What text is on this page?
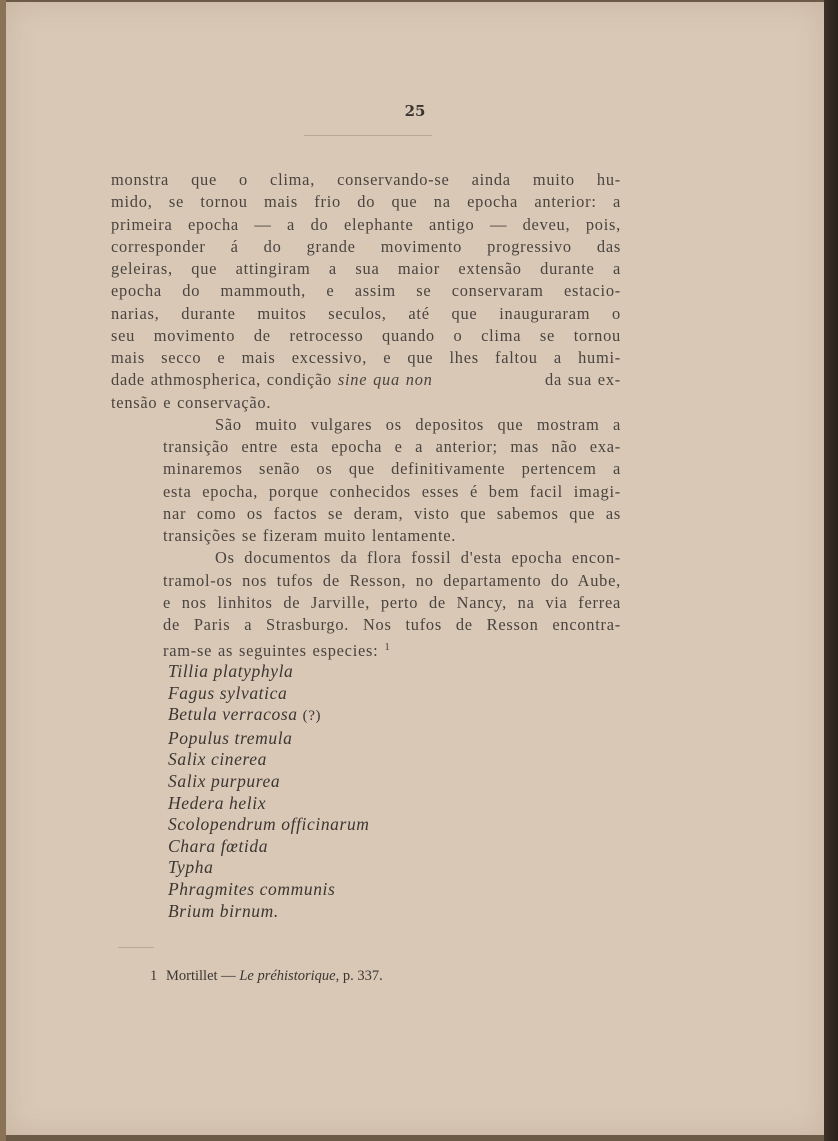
25

monstra que o clima, conservando-se ainda muito hu-
mido, se tornou mais frio do que na epocha anterior: a
primeira epocha — a do elephante antigo — deveu, pois,
corresponder á do grande movimento progressivo das
geleiras, que attingiram a sua maior extensão durante a
epocha do mammouth, e assim se conservaram estacio-
narias, durante muitos seculos, até que inauguraram o
seu movimento de retrocesso quando o clima se tornou
mais secco e mais excessivo, e que lhes faltou a humi-
dade athmospherica, condição sine qua non	da sua ex-
tensão e conservação.

São muito vulgares os depositos que mostram a
transição entre esta epocha e a anterior; mas não exa-
minaremos senão os que definitivamente pertencem a
esta epocha, porque conhecidos esses é bem facil imagi-
nar como os factos se deram, visto que sabemos que as
transições se fizeram muito lentamente.

Os documentos da flora fossil d'esta epocha encon-
tramol-os nos tufos de Resson, no departamento do Aube,
e nos linhitos de Jarville, perto de Nancy, na via ferrea
de Paris a Strasburgo. Nos tufos de Resson encontra-
ram-se as seguintes especies: $^1$

Tillia platyphyla
Fagus sylvatica
Betula verracosa (?)
Populus tremula
Salix cinerea
Salix purpurea
Hedera helix
Scolopendrum officinarum
Chara fœtida
Typha
Phragmites communis
Brium birnum.
1 Mortillet — Le préhistorique, p. 337.
